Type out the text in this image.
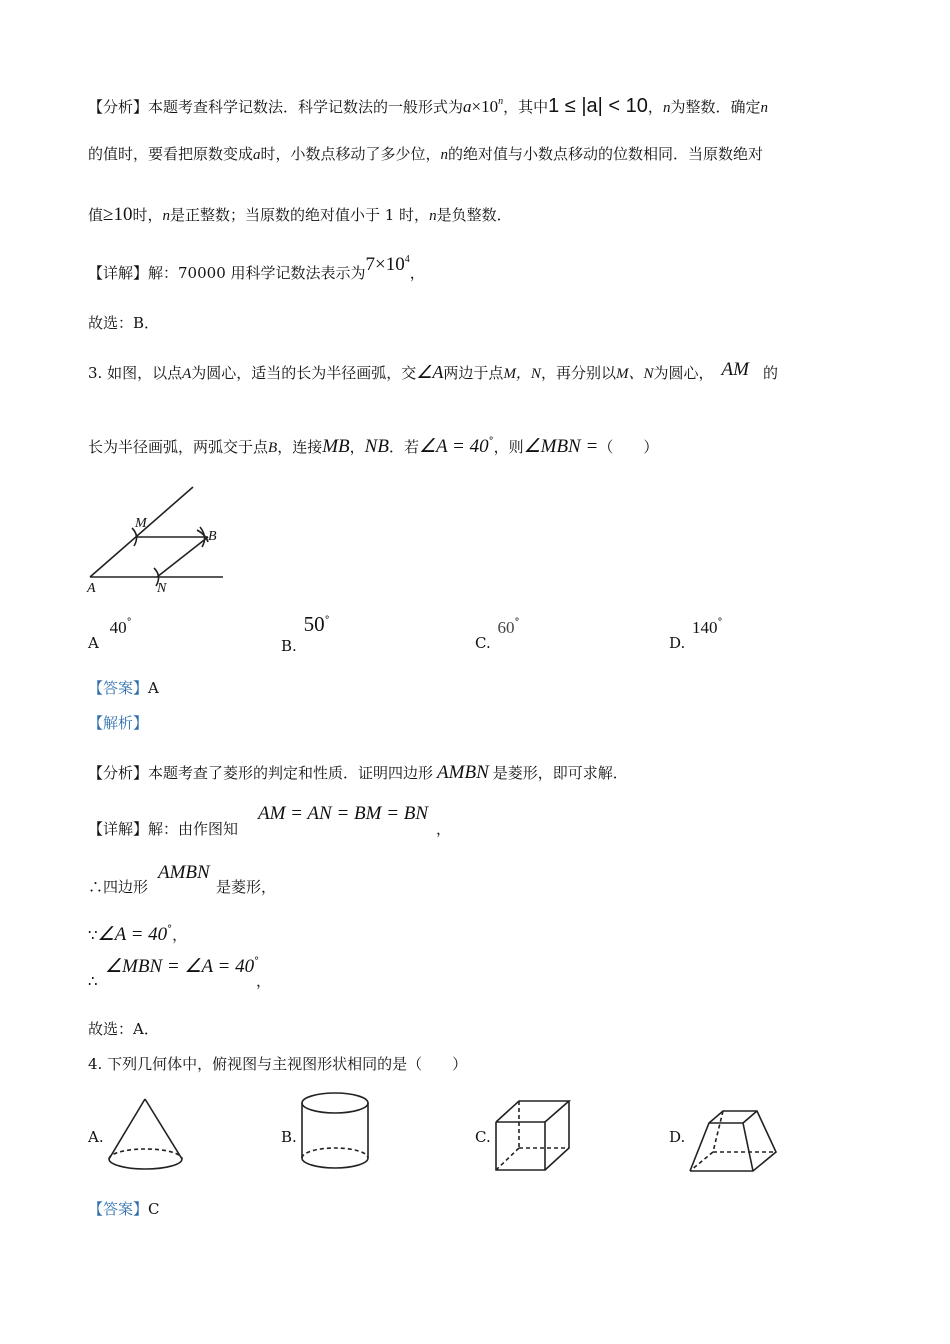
【分析】本题考查科学记数法．科学记数法的一般形式为$a\times 10^n$，其中1 ≤ |a| < 10，n为整数．确定n
的值时，要看把原数变成a时，小数点移动了多少位，n的绝对值与小数点移动的位数相同．当原数绝对
值≥10时，n是正整数；当原数的绝对值小于 1 时，n是负整数．
【详解】解：70000 用科学记数法表示为$7\times 10^4$，
故选：B．
3. 如图，以点A为圆心，适当的长为半径画弧，交∠A两边于点M，N，再分别以M、N为圆心， AM 的
长为半径画弧，两弧交于点B，连接MB，NB．若∠A = 40°，则∠MBN =（　　）
M
B
A	N
A 40°
B. 50°
C. 60°
D. 140°
【答案】A
【解析】
【分析】本题考查了菱形的判定和性质．证明四边形 AMBN 是菱形，即可求解．
【详解】解：由作图知
AM = AN = BM = BN
，
∴四边形
AMBN
是菱形，
∵∠A = 40°，
∴
∠MBN = ∠A = 40°
，
故选：A．
4. 下列几何体中，俯视图与主视图形状相同的是（　　）
A.	B.	C.	D.
【答案】C
